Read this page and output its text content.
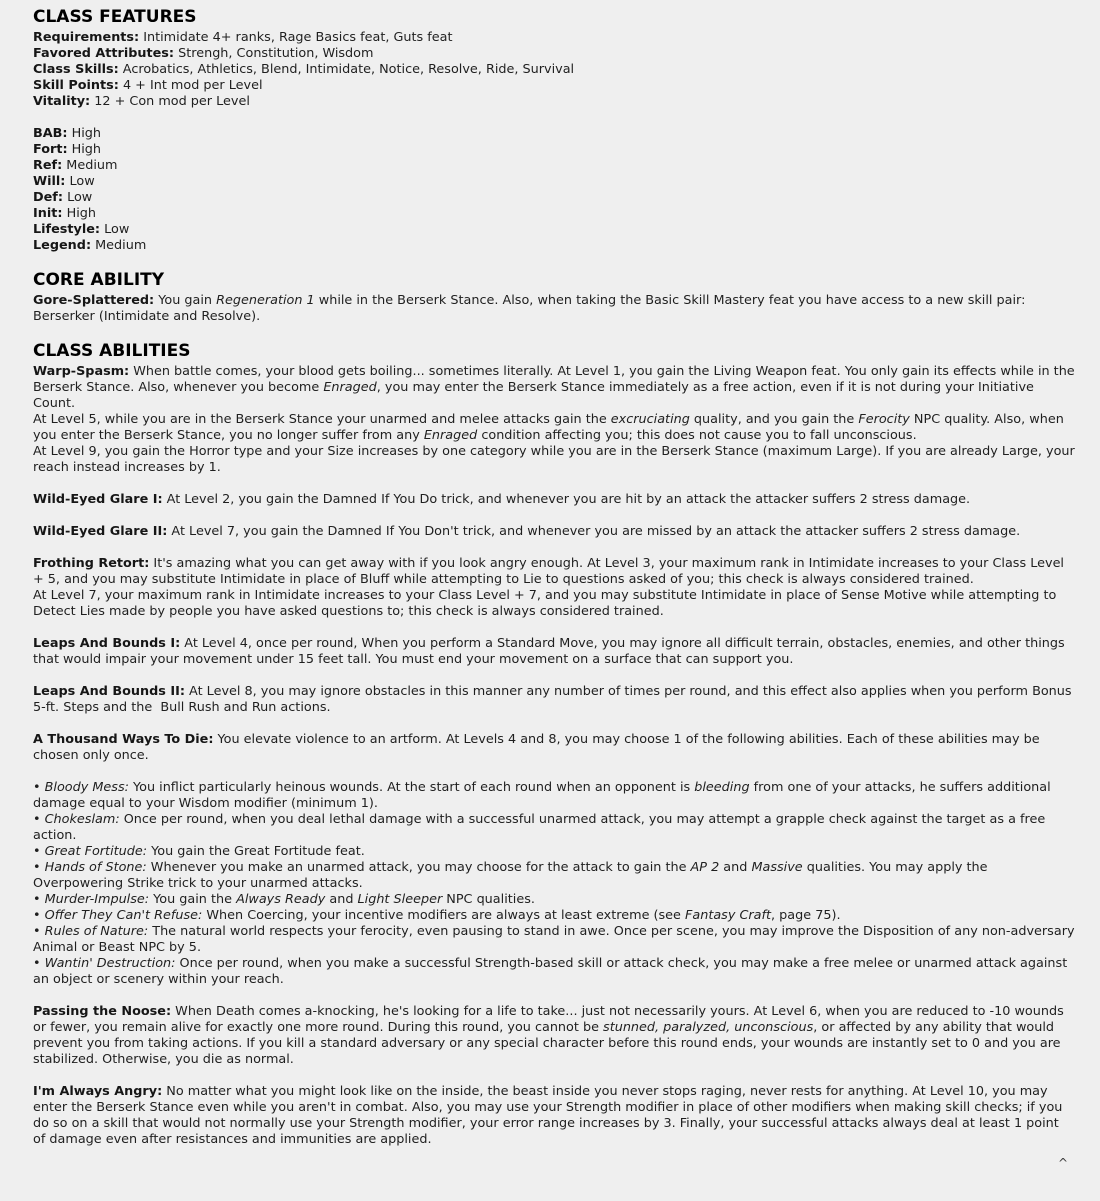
CLASS FEATURES

Requirements: Intimidate 4+ ranks, Rage Basics feat, Guts feat

Favored Attributes: Strengh, Constitution, Wisdom

Class Skills: Acrobatics, Athletics, Blend, Intimidate, Notice, Resolve, Ride, Survival

Skill Points: 4 + Int mod per Level

Vitality: 12 + Con mod per Level

BAB: High

Fort: High

Ref: Medium

Will: Low

Def: Low

Init: High

Lifestyle: Low

Legend: Medium

CORE ABILITY

Gore-Splattered: You gain Regeneration 1 while in the Berserk Stance. Also, when taking the Basic Skill Mastery feat you have access to a new skill pair: Berserker (Intimidate and Resolve).

CLASS ABILITIES

Warp-Spasm: When battle comes, your blood gets boiling... sometimes literally. At Level 1, you gain the Living Weapon feat. You only gain its effects while in the Berserk Stance. Also, whenever you become Enraged, you may enter the Berserk Stance immediately as a free action, even if it is not during your Initiative Count.
At Level 5, while you are in the Berserk Stance your unarmed and melee attacks gain the excruciating quality, and you gain the Ferocity NPC quality. Also, when you enter the Berserk Stance, you no longer suffer from any Enraged condition affecting you; this does not cause you to fall unconscious.
At Level 9, you gain the Horror type and your Size increases by one category while you are in the Berserk Stance (maximum Large). If you are already Large, your reach instead increases by 1.

Wild-Eyed Glare I: At Level 2, you gain the Damned If You Do trick, and whenever you are hit by an attack the attacker suffers 2 stress damage.

Wild-Eyed Glare II: At Level 7, you gain the Damned If You Don't trick, and whenever you are missed by an attack the attacker suffers 2 stress damage.

Frothing Retort: It's amazing what you can get away with if you look angry enough. At Level 3, your maximum rank in Intimidate increases to your Class Level + 5, and you may substitute Intimidate in place of Bluff while attempting to Lie to questions asked of you; this check is always considered trained.
At Level 7, your maximum rank in Intimidate increases to your Class Level + 7, and you may substitute Intimidate in place of Sense Motive while attempting to Detect Lies made by people you have asked questions to; this check is always considered trained.

Leaps And Bounds I: At Level 4, once per round, When you perform a Standard Move, you may ignore all difficult terrain, obstacles, enemies, and other things that would impair your movement under 15 feet tall. You must end your movement on a surface that can support you.

Leaps And Bounds II: At Level 8, you may ignore obstacles in this manner any number of times per round, and this effect also applies when you perform Bonus 5-ft. Steps and the  Bull Rush and Run actions.

A Thousand Ways To Die: You elevate violence to an artform. At Levels 4 and 8, you may choose 1 of the following abilities. Each of these abilities may be chosen only once.

• Bloody Mess: You inflict particularly heinous wounds. At the start of each round when an opponent is bleeding from one of your attacks, he suffers additional damage equal to your Wisdom modifier (minimum 1).

• Chokeslam: Once per round, when you deal lethal damage with a successful unarmed attack, you may attempt a grapple check against the target as a free action.

• Great Fortitude: You gain the Great Fortitude feat.

• Hands of Stone: Whenever you make an unarmed attack, you may choose for the attack to gain the AP 2 and Massive qualities. You may apply the Overpowering Strike trick to your unarmed attacks.

• Murder-Impulse: You gain the Always Ready and Light Sleeper NPC qualities.

• Offer They Can't Refuse: When Coercing, your incentive modifiers are always at least extreme (see Fantasy Craft, page 75).

• Rules of Nature: The natural world respects your ferocity, even pausing to stand in awe. Once per scene, you may improve the Disposition of any non-adversary Animal or Beast NPC by 5.

• Wantin' Destruction: Once per round, when you make a successful Strength-based skill or attack check, you may make a free melee or unarmed attack against an object or scenery within your reach.

Passing the Noose: When Death comes a-knocking, he's looking for a life to take... just not necessarily yours. At Level 6, when you are reduced to -10 wounds or fewer, you remain alive for exactly one more round. During this round, you cannot be stunned, paralyzed, unconscious, or affected by any ability that would prevent you from taking actions. If you kill a standard adversary or any special character before this round ends, your wounds are instantly set to 0 and you are stabilized. Otherwise, you die as normal.

I'm Always Angry: No matter what you might look like on the inside, the beast inside you never stops raging, never rests for anything. At Level 10, you may enter the Berserk Stance even while you aren't in combat. Also, you may use your Strength modifier in place of other modifiers when making skill checks; if you do so on a skill that would not normally use your Strength modifier, your error range increases by 3. Finally, your successful attacks always deal at least 1 point of damage even after resistances and immunities are applied.

^
